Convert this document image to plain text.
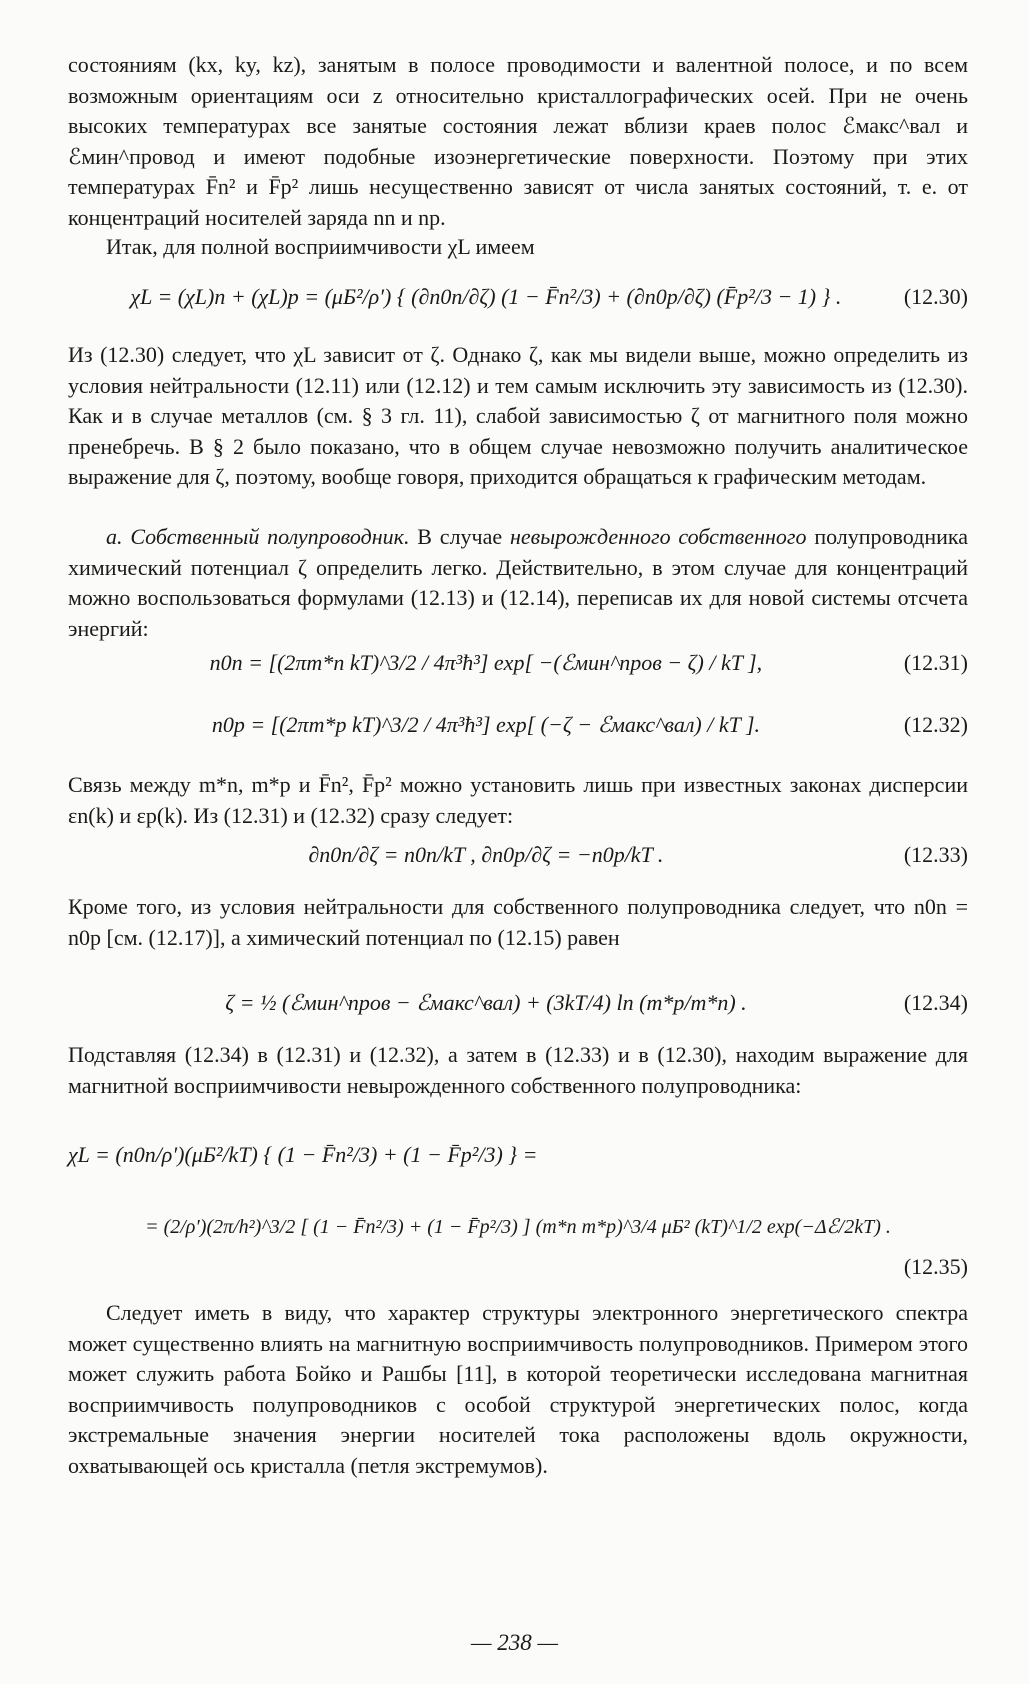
состояниям (kx, ky, kz), занятым в полосе проводимости и валентной полосе, и по всем возможным ориентациям оси z относительно кристаллографических осей. При не очень высоких температурах все занятые состояния лежат вблизи краев полос ℰмакс^вал и ℰмин^провод и имеют подобные изоэнергетические поверхности. Поэтому при этих температурах F̄n² и F̄p² лишь несущественно зависят от числа занятых состояний, т. е. от концентраций носителей заряда nn и np.

Итак, для полной восприимчивости χL имеем

χL = (χL)n + (χL)p = (μБ²/ρ′) { (∂n0n/∂ζ) (1 − F̄n²/3) + (∂n0p/∂ζ) (F̄p²/3 − 1) } .	(12.30)

Из (12.30) следует, что χL зависит от ζ. Однако ζ, как мы видели выше, можно определить из условия нейтральности (12.11) или (12.12) и тем самым исключить эту зависимость из (12.30). Как и в случае металлов (см. § 3 гл. 11), слабой зависимостью ζ от магнитного поля можно пренебречь. В § 2 было показано, что в общем случае невозможно получить аналитическое выражение для ζ, поэтому, вообще говоря, приходится обращаться к графическим методам.

а. Собственный полупроводник. В случае невырожденного собственного полупроводника химический потенциал ζ определить легко. Действительно, в этом случае для концентраций можно воспользоваться формулами (12.13) и (12.14), переписав их для новой системы отсчета энергий:

n0n = [(2πm*n kT)^3/2 / 4π³ħ³] exp[ −(ℰмин^пров − ζ) / kT ],	(12.31)
n0p = [(2πm*p kT)^3/2 / 4π³ħ³] exp[ (−ζ − ℰмакс^вал) / kT ].	(12.32)

Связь между m*n, m*p и F̄n², F̄p² можно установить лишь при известных законах дисперсии εn(k) и εp(k). Из (12.31) и (12.32) сразу следует:

∂n0n/∂ζ = n0n/kT , ∂n0p/∂ζ = −n0p/kT .	(12.33)

Кроме того, из условия нейтральности для собственного полупроводника следует, что n0n = n0p [см. (12.17)], а химический потенциал по (12.15) равен

ζ = ½ (ℰмин^пров − ℰмакс^вал) + (3kT/4) ln (m*p/m*n) .	(12.34)

Подставляя (12.34) в (12.31) и (12.32), а затем в (12.33) и в (12.30), находим выражение для магнитной восприимчивости невырожденного собственного полупроводника:

χL = (n0n/ρ′)(μБ²/kT) { (1 − F̄n²/3) + (1 − F̄p²/3) } =
= (2/ρ′)(2π/h²)^3/2 [ (1 − F̄n²/3) + (1 − F̄p²/3) ] (m*n m*p)^3/4 μБ² (kT)^1/2 exp(−Δℰ/2kT) .
(12.35)

Следует иметь в виду, что характер структуры электронного энергетического спектра может существенно влиять на магнитную восприимчивость полупроводников. Примером этого может служить работа Бойко и Рашбы [11], в которой теоретически исследована магнитная восприимчивость полупроводников с особой структурой энергетических полос, когда экстремальные значения энергии носителей тока расположены вдоль окружности, охватывающей ось кристалла (петля экстремумов).

— 238 —
